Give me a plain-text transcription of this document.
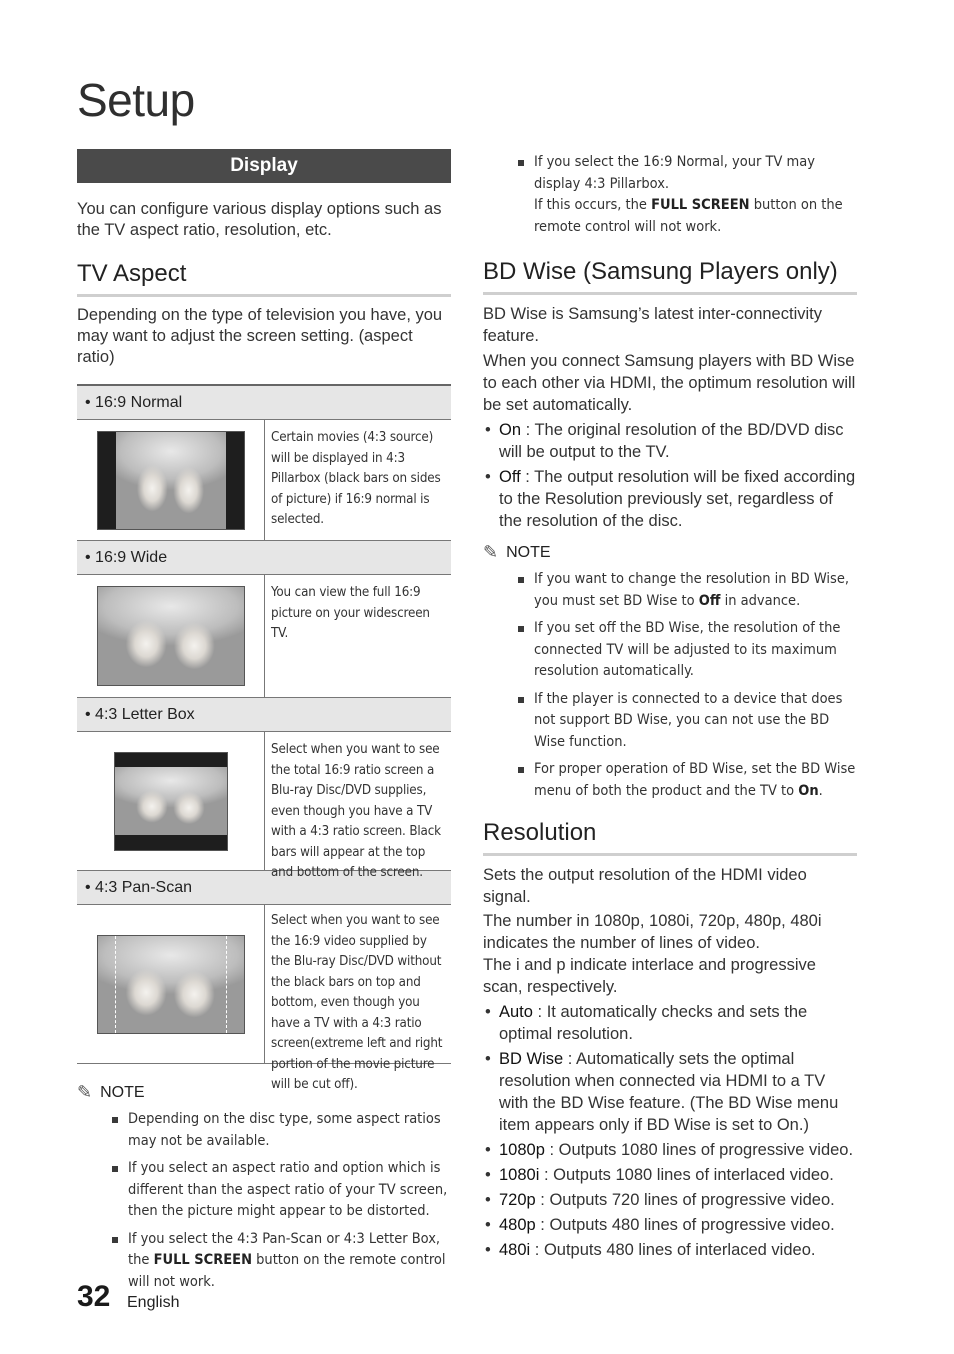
Setup
Display

You can configure various display options such as the TV aspect ratio, resolution, etc.

TV Aspect

Depending on the type of television you have, you may want to adjust the screen setting. (aspect ratio)

• 16:9 Normal
Certain movies (4:3 source) will be displayed in 4:3 Pillarbox (black bars on sides of picture) if 16:9 normal is selected.
• 16:9 Wide
You can view the full 16:9 picture on your widescreen TV.
• 4:3 Letter Box
Select when you want to see the total 16:9 ratio screen a Blu-ray Disc/DVD supplies, even though you have a TV with a 4:3 ratio screen. Black bars will appear at the top and bottom of the screen.
• 4:3 Pan-Scan
Select when you want to see the 16:9 video supplied by the Blu-ray Disc/DVD without the black bars on top and bottom, even though you have a TV with a 4:3 ratio screen(extreme left and right portion of the movie picture will be cut off).
✎ NOTE
Depending on the disc type, some aspect ratios may not be available.
If you select an aspect ratio and option which is different than the aspect ratio of your TV screen, then the picture might appear to be distorted.
If you select the 4:3 Pan-Scan or 4:3 Letter Box, the FULL SCREEN button on the remote control will not work.
If you select the 16:9 Normal, your TV may display 4:3 Pillarbox.
If this occurs, the FULL SCREEN button on the remote control will not work.
BD Wise (Samsung Players only)

BD Wise is Samsung’s latest inter-connectivity feature.

When you connect Samsung players with BD Wise to each other via HDMI, the optimum resolution will be set automatically.

• On : The original resolution of the BD/DVD disc will be output to the TV.
• Off : The output resolution will be fixed according to the Resolution previously set, regardless of the resolution of the disc.
✎ NOTE
If you want to change the resolution in BD Wise, you must set BD Wise to Off in advance.
If you set off the BD Wise, the resolution of the connected TV will be adjusted to its maximum resolution automatically.
If the player is connected to a device that does not support BD Wise, you can not use the BD Wise function.
For proper operation of BD Wise, set the BD Wise menu of both the product and the TV to On.
Resolution

Sets the output resolution of the HDMI video signal.

The number in 1080p, 1080i, 720p, 480p, 480i indicates the number of lines of video.

The i and p indicate interlace and progressive scan, respectively.

• Auto : It automatically checks and sets the optimal resolution.
• BD Wise : Automatically sets the optimal resolution when connected via HDMI to a TV with the BD Wise feature. (The BD Wise menu item appears only if BD Wise is set to On.)
• 1080p : Outputs 1080 lines of progressive video.
• 1080i : Outputs 1080 lines of interlaced video.
• 720p : Outputs 720 lines of progressive video.
• 480p : Outputs 480 lines of progressive video.
• 480i : Outputs 480 lines of interlaced video.
32 English
